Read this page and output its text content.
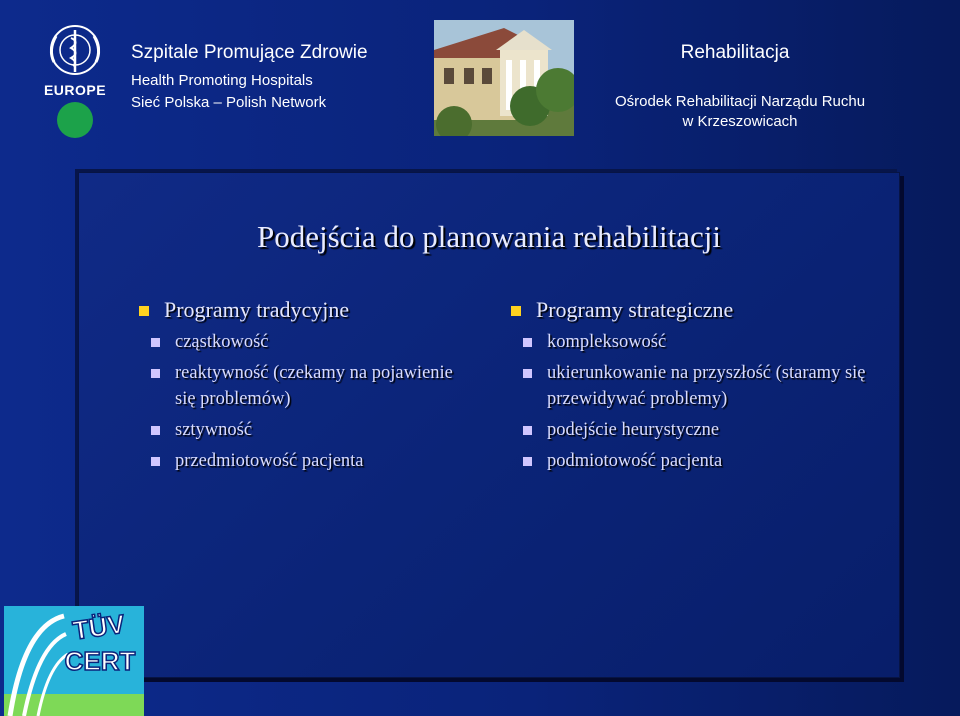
EUROPE
Szpitale Promujące Zdrowie
Health Promoting Hospitals
Sieć Polska – Polish Network
Rehabilitacja
Ośrodek Rehabilitacji Narządu Ruchu
w Krzeszowicach
Podejścia do planowania rehabilitacji
Programy tradycyjne
cząstkowość
reaktywność (czekamy na pojawienie się problemów)
sztywność
przedmiotowość pacjenta
Programy strategiczne
kompleksowość
ukierunkowanie na przyszłość (staramy się przewidywać problemy)
podejście heurystyczne
podmiotowość pacjenta
TÜV
CERT
